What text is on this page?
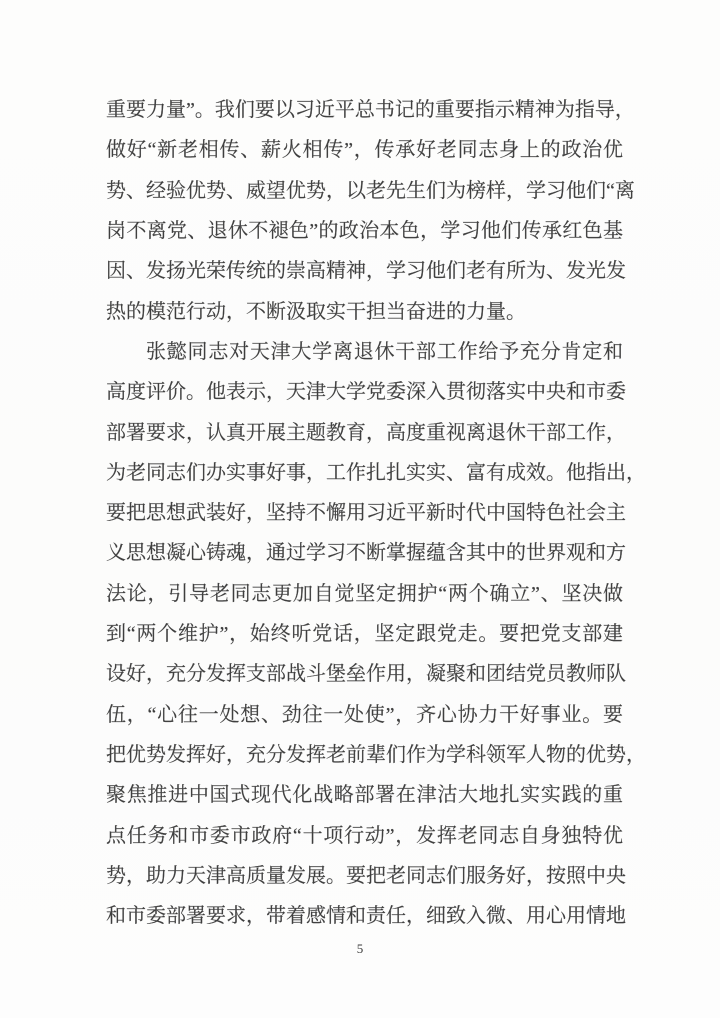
重要力量”。我们要以习近平总书记的重要指示精神为指导，
做好“新老相传、薪火相传”，传承好老同志身上的政治优
势、经验优势、威望优势，以老先生们为榜样，学习他们“离
岗不离党、退休不褪色”的政治本色，学习他们传承红色基
因、发扬光荣传统的崇高精神，学习他们老有所为、发光发
热的模范行动，不断汲取实干担当奋进的力量。
张懿同志对天津大学离退休干部工作给予充分肯定和
高度评价。他表示，天津大学党委深入贯彻落实中央和市委
部署要求，认真开展主题教育，高度重视离退休干部工作，
为老同志们办实事好事，工作扎扎实实、富有成效。他指出，
要把思想武装好，坚持不懈用习近平新时代中国特色社会主
义思想凝心铸魂，通过学习不断掌握蕴含其中的世界观和方
法论，引导老同志更加自觉坚定拥护“两个确立”、坚决做
到“两个维护”，始终听党话，坚定跟党走。要把党支部建
设好，充分发挥支部战斗堡垒作用，凝聚和团结党员教师队
伍，“心往一处想、劲往一处使”，齐心协力干好事业。要
把优势发挥好，充分发挥老前辈们作为学科领军人物的优势，
聚焦推进中国式现代化战略部署在津沽大地扎实实践的重
点任务和市委市政府“十项行动”，发挥老同志自身独特优
势，助力天津高质量发展。要把老同志们服务好，按照中央
和市委部署要求，带着感情和责任，细致入微、用心用情地
5
